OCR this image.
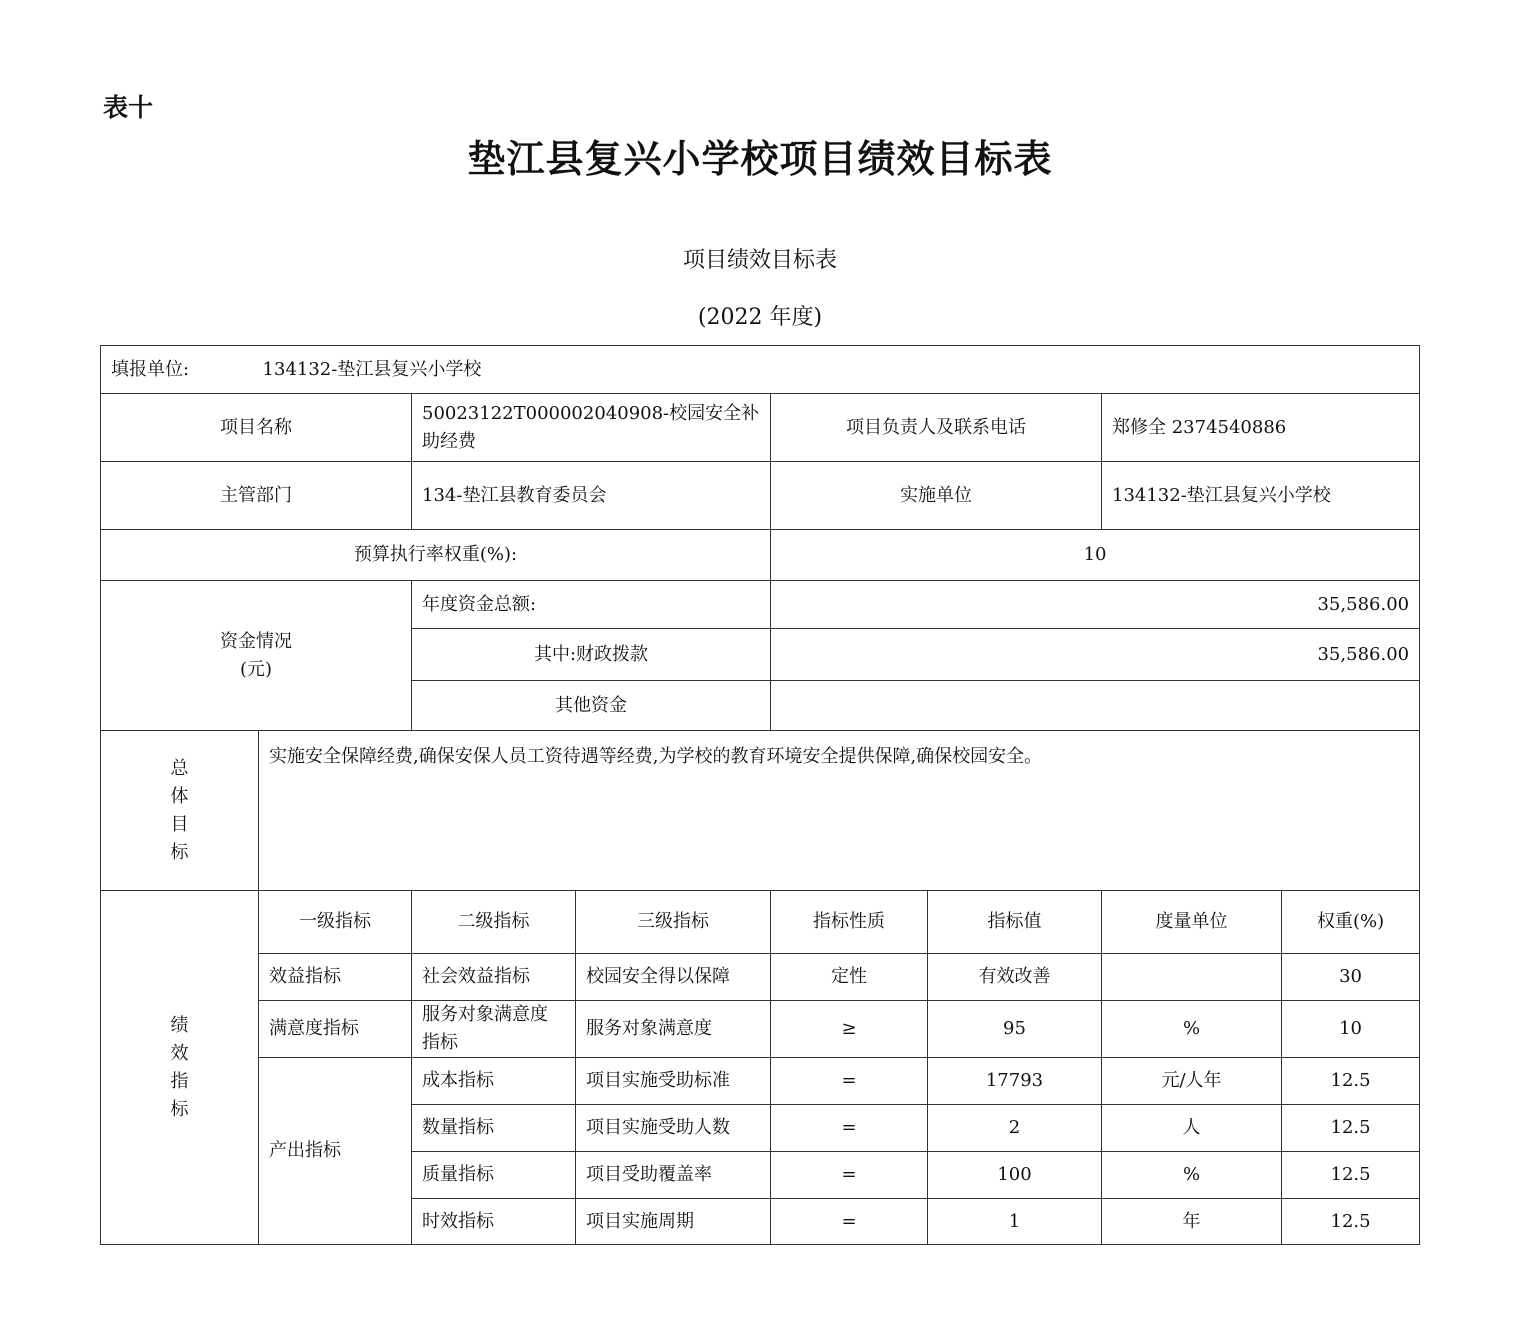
表十
垫江县复兴小学校项目绩效目标表
项目绩效目标表
(2022 年度)
填报单位: 134132-垫江县复兴小学校							
项目名称		50023122T000002040908-校园安全补助经费		项目负责人及联系电话		郑修全 2374540886	
主管部门		134-垫江县教育委员会		实施单位		134132-垫江县复兴小学校	
预算执行率权重(%):				10			

资金情况
(元)		年度资金总额:		35,586.00			
		其中:财政拨款		35,586.00			
		其他资金					

总
体
目
标	实施安全保障经费,确保安保人员工资待遇等经费,为学校的教育环境安全提供保障,确保校园安全。						

绩
效
指
标	一级指标	二级指标	三级指标	指标性质	指标值	度量单位	权重(%)
	效益指标	社会效益指标	校园安全得以保障	定性	有效改善		30
	满意度指标	服务对象满意度指标	服务对象满意度	≥	95	%	10
	产出指标	成本指标	项目实施受助标准	=	17793	元/人年	12.5
		数量指标	项目实施受助人数	=	2	人	12.5
		质量指标	项目受助覆盖率	=	100	%	12.5
		时效指标	项目实施周期	=	1	年	12.5
